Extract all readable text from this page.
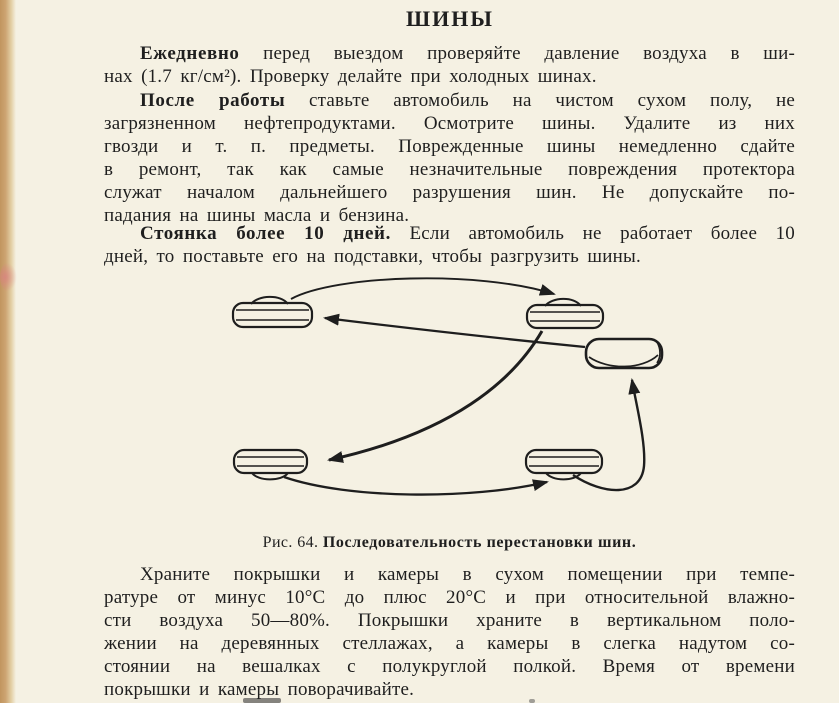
ШИНЫ
Ежедневно перед выездом проверяйте давление воздуха в ши-
нах (1.7 кг/см²). Проверку делайте при холодных шинах.
После работы ставьте автомобиль на чистом сухом полу, не
загрязненном нефтепродуктами. Осмотрите шины. Удалите из них
гвозди и т. п. предметы. Поврежденные шины немедленно сдайте
в ремонт, так как самые незначительные повреждения протектора
служат началом дальнейшего разрушения шин. Не допускайте по-
падания на шины масла и бензина.
Стоянка более 10 дней. Если автомобиль не работает более 10
дней, то поставьте его на подставки, чтобы разгрузить шины.
Рис. 64. Последовательность перестановки шин.
Храните покрышки и камеры в сухом помещении при темпе-
ратуре от минус 10°С до плюс 20°С и при относительной влажно-
сти воздуха 50—80%. Покрышки храните в вертикальном поло-
жении на деревянных стеллажах, а камеры в слегка надутом со-
стоянии на вешалках с полукруглой полкой. Время от времени
покрышки и камеры поворачивайте.
